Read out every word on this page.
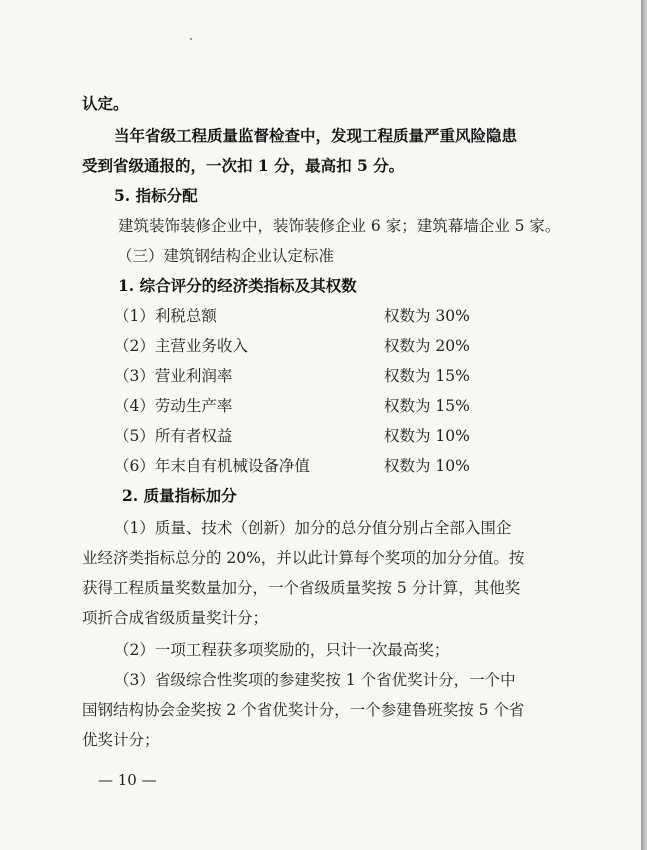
认定。
当年省级工程质量监督检查中，发现工程质量严重风险隐患
受到省级通报的，一次扣 1 分，最高扣 5 分。
5. 指标分配
建筑装饰装修企业中，装饰装修企业 6 家；建筑幕墙企业 5 家。
（三）建筑钢结构企业认定标准
1. 综合评分的经济类指标及其权数
（1）利税总额	权数为 30%
（2）主营业务收入	权数为 20%
（3）营业利润率	权数为 15%
（4）劳动生产率	权数为 15%
（5）所有者权益	权数为 10%
（6）年末自有机械设备净值	权数为 10%
2. 质量指标加分
（1）质量、技术（创新）加分的总分值分别占全部入围企
业经济类指标总分的 20%，并以此计算每个奖项的加分分值。按
获得工程质量奖数量加分，一个省级质量奖按 5 分计算，其他奖
项折合成省级质量奖计分；
（2）一项工程获多项奖励的，只计一次最高奖；
（3）省级综合性奖项的参建奖按 1 个省优奖计分，一个中
国钢结构协会金奖按 2 个省优奖计分，一个参建鲁班奖按 5 个省
优奖计分；
— 10 —
